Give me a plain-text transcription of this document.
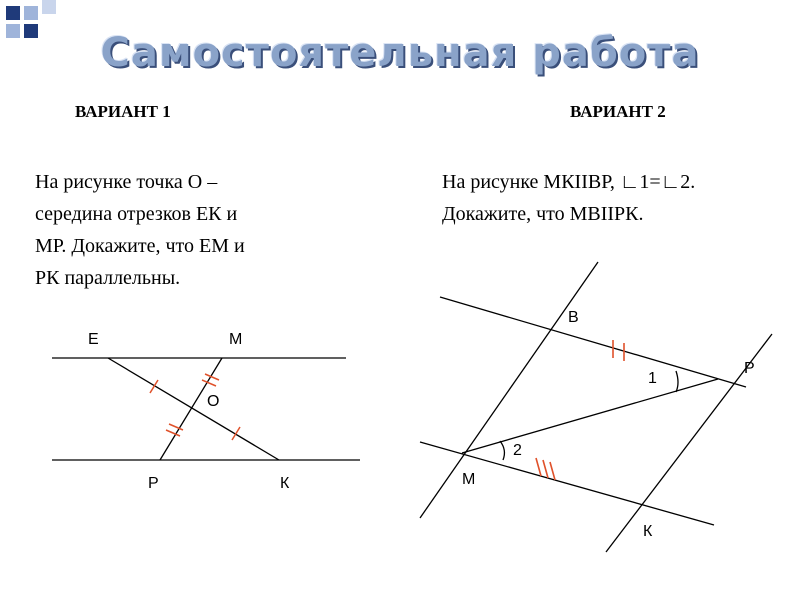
Самостоятельная работа
ВАРИАНТ 1	ВАРИАНТ 2
На рисунке точка О –
середина отрезков ЕК и
МР. Докажите, что ЕМ и
РК параллельны.
На рисунке МКIIВР, ∟1=∟2.
Докажите, что МВIIРК.
Е	М
О
Р	К
В
Р
М
К
1
2
